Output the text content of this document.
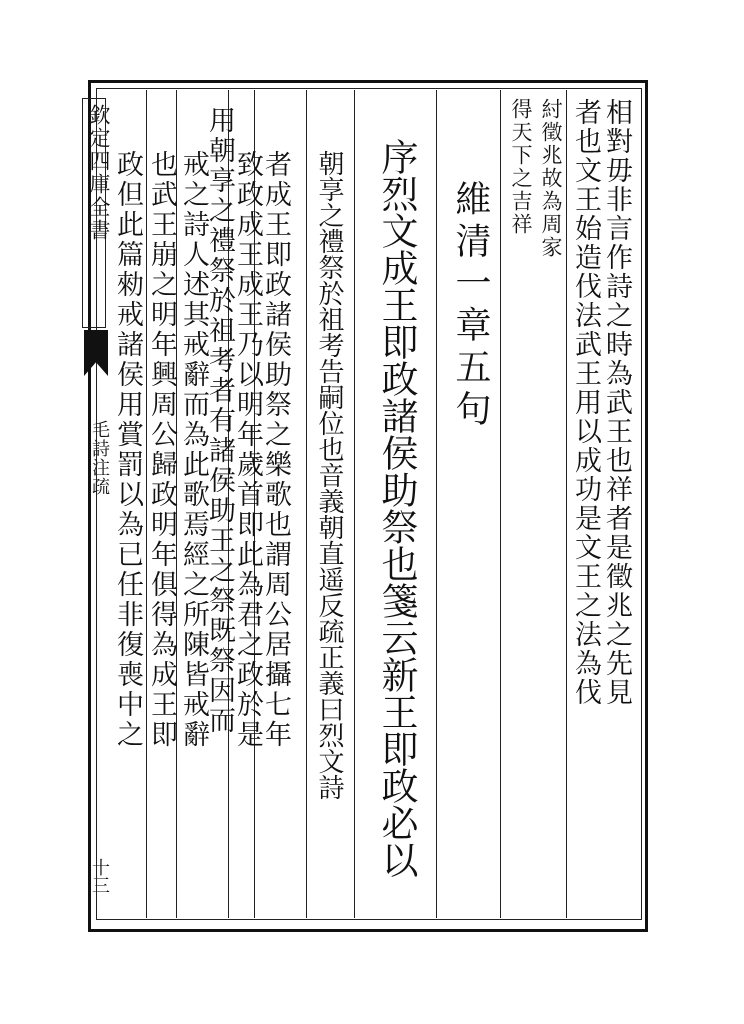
欽定四庫全書
毛詩注疏
十三
相對毋非言作詩之時為武王也祥者是徵兆之先見
者也文王始造伐法武王用以成功是文王之法為伐
紂徵兆故為周家
得天下之吉祥
維清一章五句
序烈文成王即政諸侯助祭也箋云新王即政必以
朝享之禮祭於祖考告嗣位也音義朝直遥反疏正義曰烈文詩
者成王即政諸侯助祭之樂歌也謂周公居攝七年
致政成王成王乃以明年歲首即此為君之政於是
用朝享之禮祭於祖考者有諸侯助王之祭既祭因而
戒之詩人述其戒辭而為此歌焉經之所陳皆戒辭
也武王崩之明年興周公歸政明年俱得為成王即
政但此篇勑戒諸侯用賞罰以為已任非復喪中之
